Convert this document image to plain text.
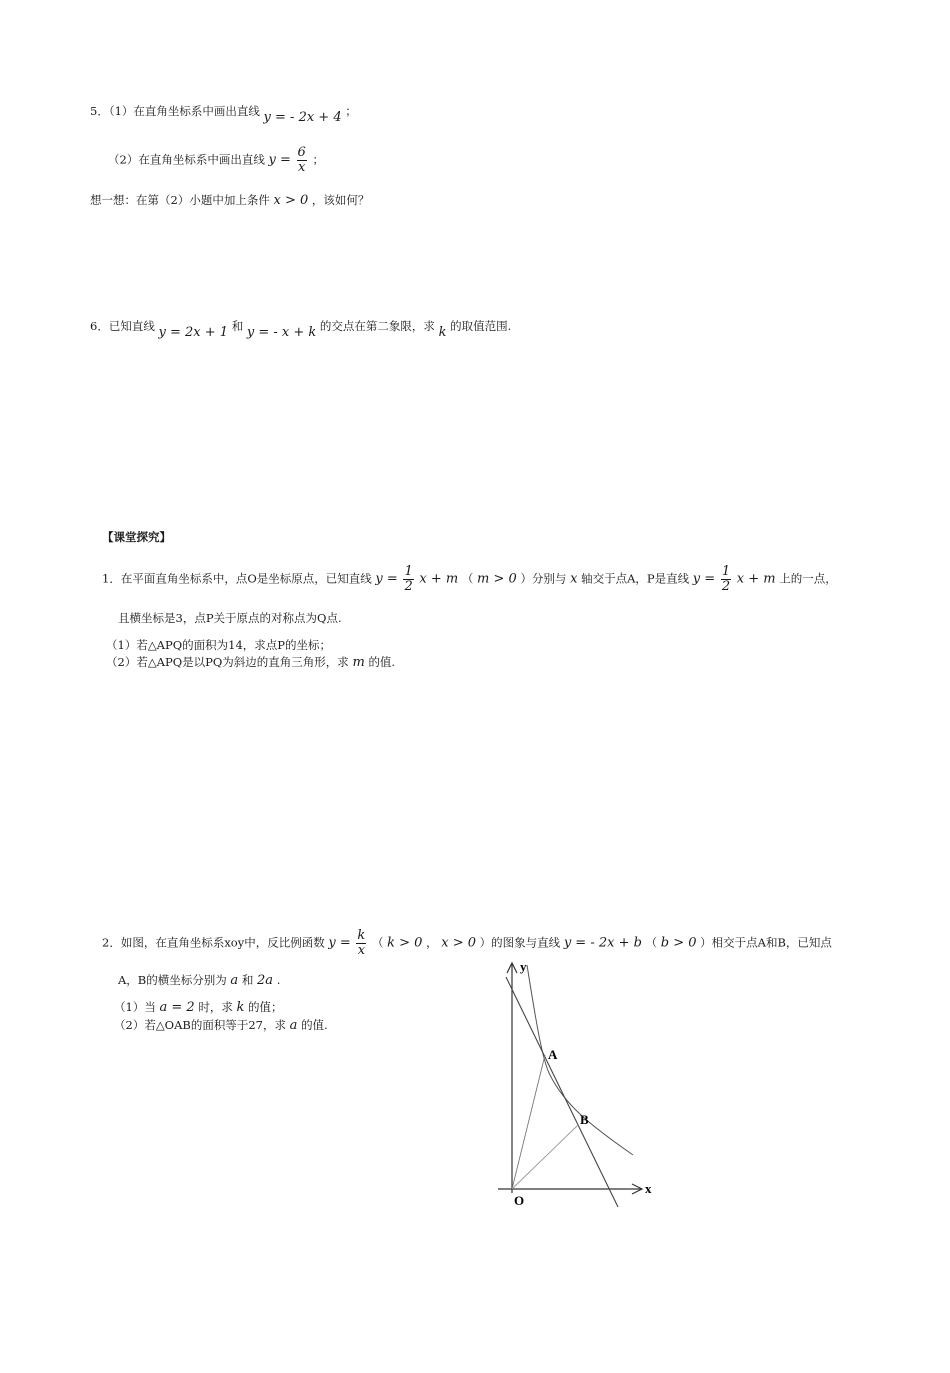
5．（1）在直角坐标系中画出直线 y = - 2x + 4 ；
（2）在直角坐标系中画出直线 $y = \frac{6}{x}$ ；
想一想：在第（2）小题中加上条件 x > 0 ，该如何？
6．已知直线 y = 2x + 1 和 y = - x + k 的交点在第二象限，求 k 的取值范围.
【课堂探究】
1．在平面直角坐标系中，点O是坐标原点，已知直线 $y = \frac{1}{2}$ x + m （ m > 0 ）分别与 x 轴交于点A，P是直线 $y = \frac{1}{2}$ x + m 上的一点，
且横坐标是3，点P关于原点的对称点为Q点.
（1）若△APQ的面积为14，求点P的坐标；
（2）若△APQ是以PQ为斜边的直角三角形，求 m 的值.
2．如图，在直角坐标系xoy中，反比例函数 $y = \frac{k}{x}$ （ k > 0 ， x > 0 ）的图象与直线 y = - 2x + b （ b > 0 ）相交于点A和B，已知点
A，B的横坐标分别为 a 和 2a .
（1）当 a = 2 时，求 k 的值；
（2）若△OAB的面积等于27，求 a 的值.
y
x
O
A
B
